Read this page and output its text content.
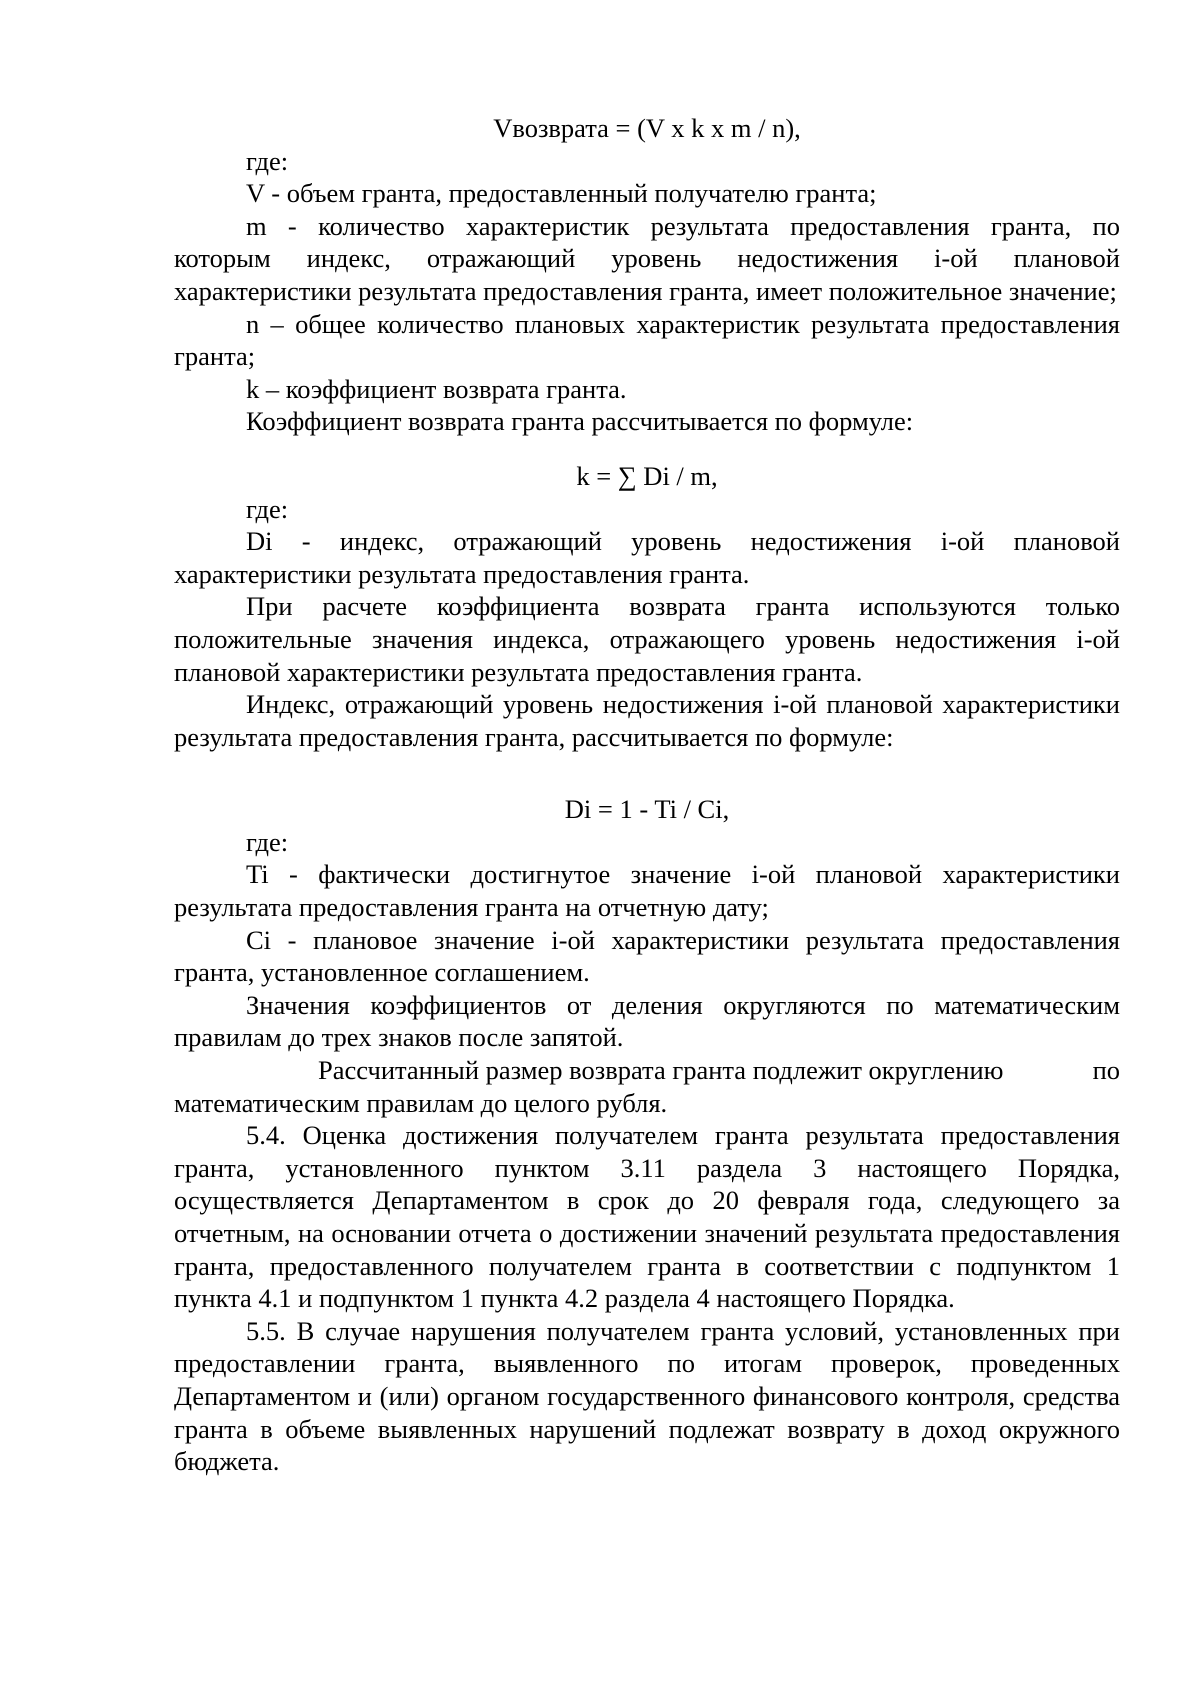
Vвозврата = (V х k х m / n),
где:

V - объем гранта, предоставленный получателю гранта;

m - количество характеристик результата предоставления гранта, по которым индекс, отражающий уровень недостижения i-ой плановой характеристики результата предоставления гранта, имеет положительное значение;

n – общее количество плановых характеристик результата предоставления гранта;

k – коэффициент возврата гранта.

Коэффициент возврата гранта рассчитывается по формуле:

k = ∑ Di / m,
где:

Di - индекс, отражающий уровень недостижения i-ой плановой характеристики результата предоставления гранта.

При расчете коэффициента возврата гранта используются только положительные значения индекса, отражающего уровень недостижения i-ой плановой характеристики результата предоставления гранта.

Индекс, отражающий уровень недостижения i-ой плановой характеристики результата предоставления гранта, рассчитывается по формуле:

Di = 1 - Ti / Ci,
где:

Ti - фактически достигнутое значение i-ой плановой характеристики результата предоставления гранта на отчетную дату;

Ci - плановое значение i-ой характеристики результата предоставления гранта, установленное соглашением.

Значения коэффициентов от деления округляются по математическим правилам до трех знаков после запятой.

Рассчитанный размер возврата гранта подлежит округлению	по

математическим правилам до целого рубля.

5.4. Оценка достижения получателем гранта результата предоставления гранта, установленного пунктом 3.11 раздела 3 настоящего Порядка, осуществляется Департаментом в срок до 20 февраля года, следующего за отчетным, на основании отчета о достижении значений результата предоставления гранта, предоставленного получателем гранта в соответствии с подпунктом 1 пункта 4.1 и подпунктом 1 пункта 4.2 раздела 4 настоящего Порядка.

5.5. В случае нарушения получателем гранта условий, установленных при предоставлении гранта, выявленного по итогам проверок, проведенных Департаментом и (или) органом государственного финансового контроля, средства гранта в объеме выявленных нарушений подлежат возврату в доход окружного бюджета.
